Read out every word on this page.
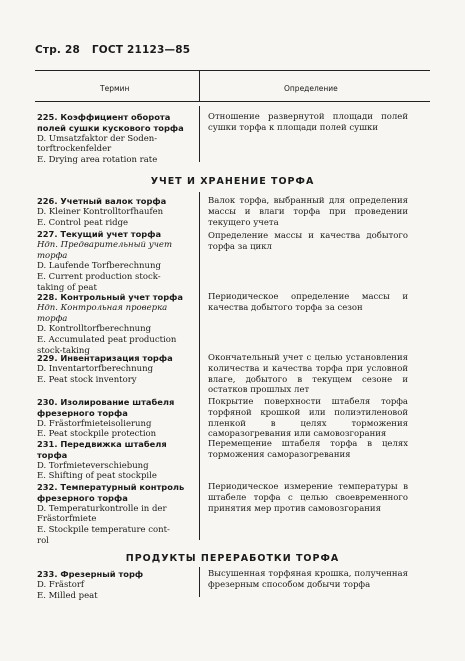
Стр. 28 ГОСТ 21123—85
Термин	Определение
225. Коэффициент оборота
полей сушки кускового торфа
D. Umsatzfaktor der Soden-
torftrockenfelder
E. Drying area rotation rate
Отношение развернутой площади полей сушки торфа к площади полей сушки
УЧЕТ И ХРАНЕНИЕ ТОРФА
226. Учетный валок торфа
D. Kleiner Kontrolltorfhaufen
E. Control peat ridge
Валок торфа, выбранный для определения массы и влаги торфа при проведении текущего учета
227. Текущий учет торфа
Ндп. Предварительный учет
торфа
D. Laufende Torfberechnung
E. Current production stock-
taking of peat
Определение массы и качества добытого торфа за цикл
228. Контрольный учет торфа
Ндп. Контрольная проверка
торфа
D. Kontrolltorfberechnung
E. Accumulated peat production
stock-taking
Периодическое определение массы и качества добытого торфа за сезон
229. Инвентаризация торфа
D. Inventartorfberechnung
E. Peat stock inventory
Окончательный учет с целью установления количества и качества торфа при условной влаге, добытого в текущем сезоне и остатков прошлых лет
230. Изолирование штабеля
фрезерного торфа
D. Frästorfmieteisolierung
E. Peat stockpile protection
Покрытие поверхности штабеля торфа торфяной крошкой или полиэтиленовой пленкой в целях торможения саморазогревания или самовозгорания
231. Передвижка штабеля
торфа
D. Torfmieteverschiebung
E. Shifting of peat stockpile
Перемещение штабеля торфа в целях торможения саморазогревания
232. Температурный контроль
фрезерного торфа
D. Temperaturkontrolle in der
Frästorfmiete
E. Stockpile temperature cont-
rol
Периодическое измерение температуры в штабеле торфа с целью своевременного принятия мер против самовозгорания
ПРОДУКТЫ ПЕРЕРАБОТКИ ТОРФА
233. Фрезерный торф
D. Frästorf
E. Milled peat
Высушенная торфяная крошка, полученная фрезерным способом добычи торфа
